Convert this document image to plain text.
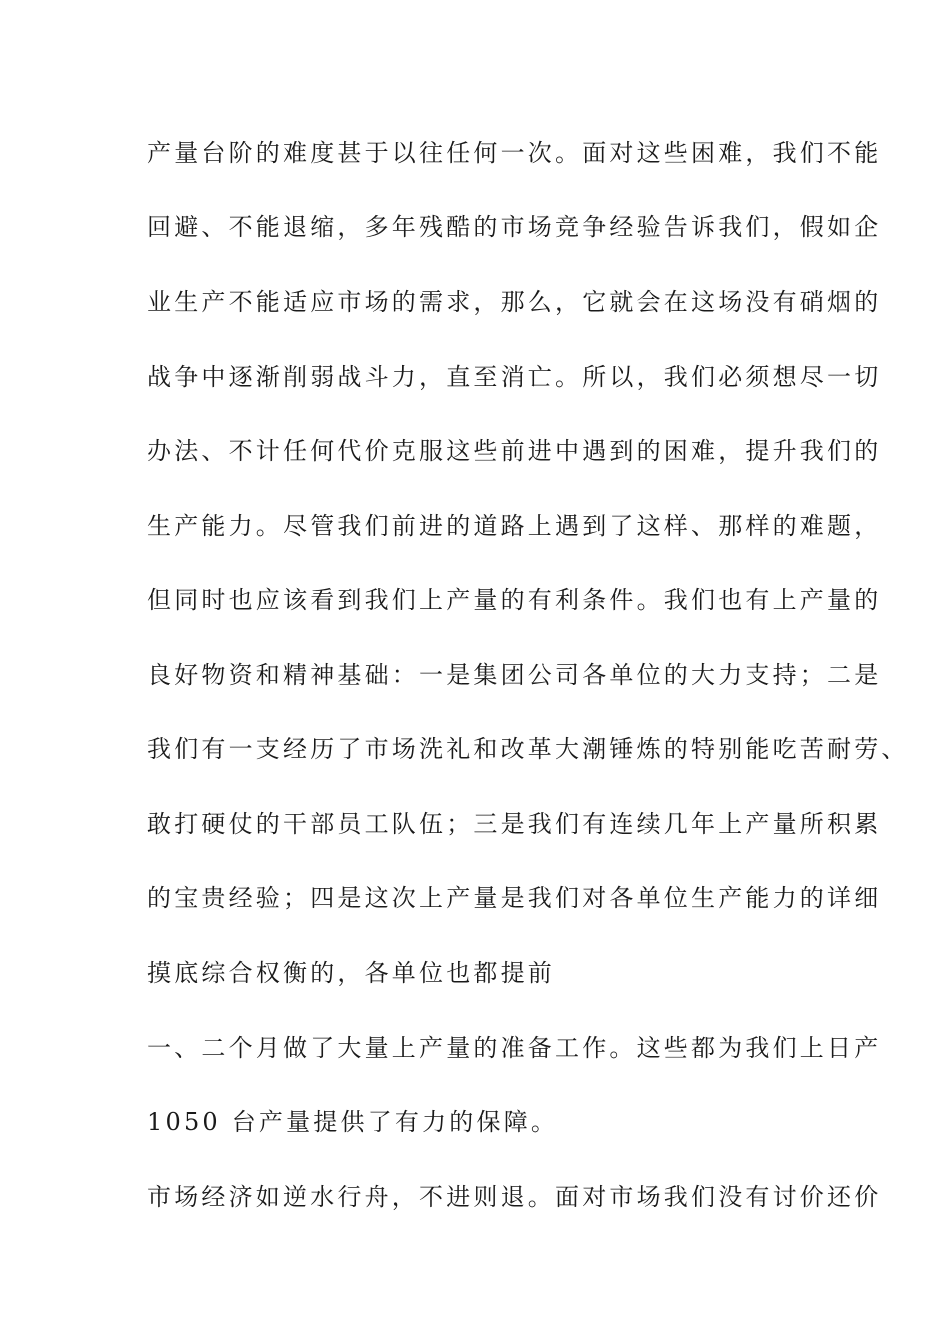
产量台阶的难度甚于以往任何一次。面对这些困难，我们不能
回避、不能退缩，多年残酷的市场竞争经验告诉我们，假如企
业生产不能适应市场的需求，那么，它就会在这场没有硝烟的
战争中逐渐削弱战斗力，直至消亡。所以，我们必须想尽一切
办法、不计任何代价克服这些前进中遇到的困难，提升我们的
生产能力。尽管我们前进的道路上遇到了这样、那样的难题，
但同时也应该看到我们上产量的有利条件。我们也有上产量的
良好物资和精神基础：一是集团公司各单位的大力支持；二是
我们有一支经历了市场洗礼和改革大潮锤炼的特别能吃苦耐劳、
敢打硬仗的干部员工队伍；三是我们有连续几年上产量所积累
的宝贵经验；四是这次上产量是我们对各单位生产能力的详细
摸底综合权衡的，各单位也都提前
一、二个月做了大量上产量的准备工作。这些都为我们上日产
1050 台产量提供了有力的保障。
市场经济如逆水行舟，不进则退。面对市场我们没有讨价还价
